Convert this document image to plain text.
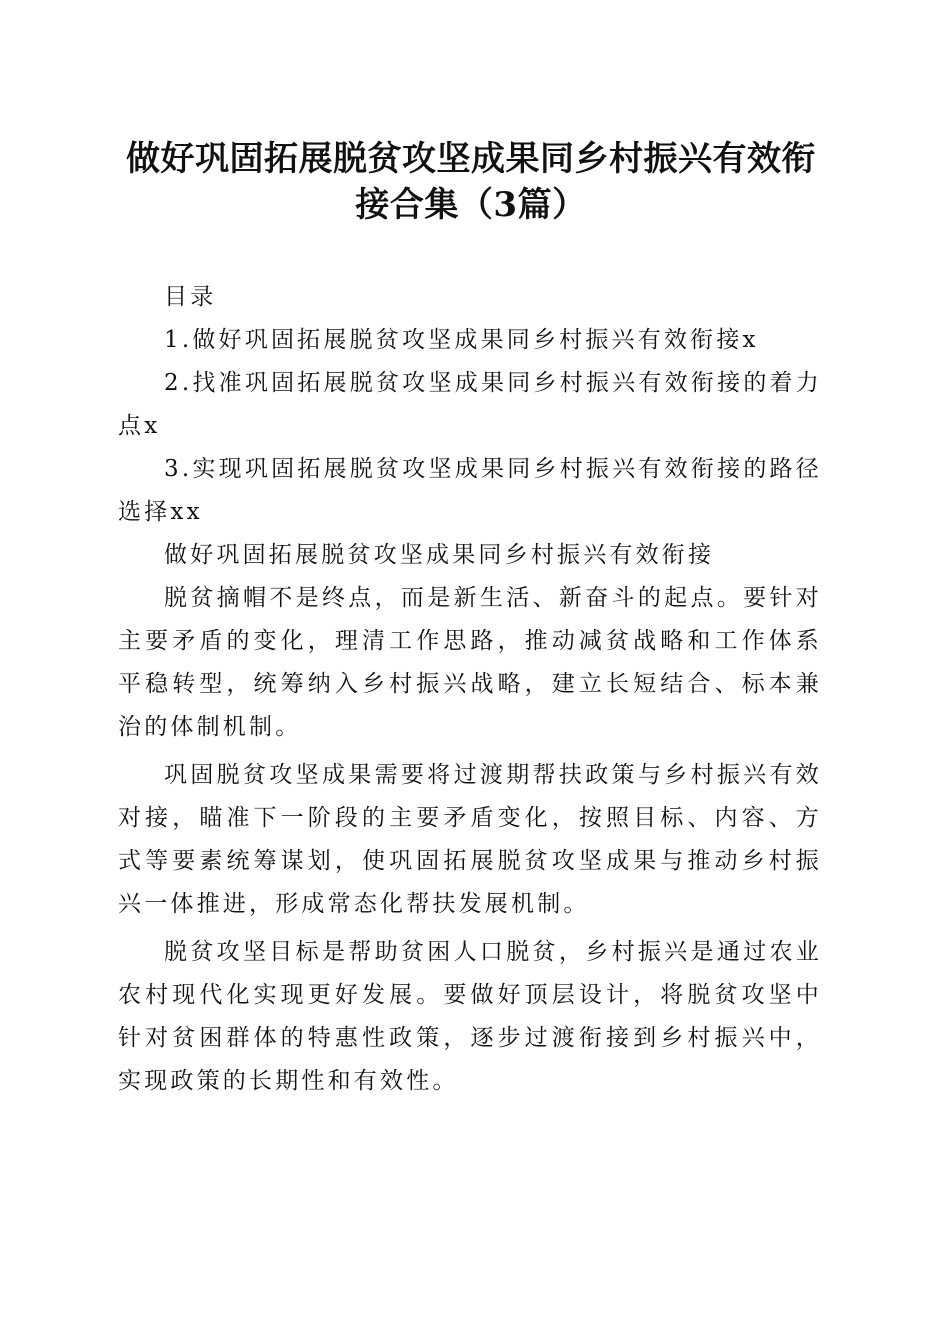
做好巩固拓展脱贫攻坚成果同乡村振兴有效衔接合集（3篇）

目录

1.做好巩固拓展脱贫攻坚成果同乡村振兴有效衔接x

2.找准巩固拓展脱贫攻坚成果同乡村振兴有效衔接的着力点x

3.实现巩固拓展脱贫攻坚成果同乡村振兴有效衔接的路径选择xx

做好巩固拓展脱贫攻坚成果同乡村振兴有效衔接

脱贫摘帽不是终点，而是新生活、新奋斗的起点。要针对主要矛盾的变化，理清工作思路，推动减贫战略和工作体系平稳转型，统筹纳入乡村振兴战略，建立长短结合、标本兼治的体制机制。

巩固脱贫攻坚成果需要将过渡期帮扶政策与乡村振兴有效对接，瞄准下一阶段的主要矛盾变化，按照目标、内容、方式等要素统筹谋划，使巩固拓展脱贫攻坚成果与推动乡村振兴一体推进，形成常态化帮扶发展机制。

脱贫攻坚目标是帮助贫困人口脱贫，乡村振兴是通过农业农村现代化实现更好发展。要做好顶层设计，将脱贫攻坚中针对贫困群体的特惠性政策，逐步过渡衔接到乡村振兴中，实现政策的长期性和有效性。
